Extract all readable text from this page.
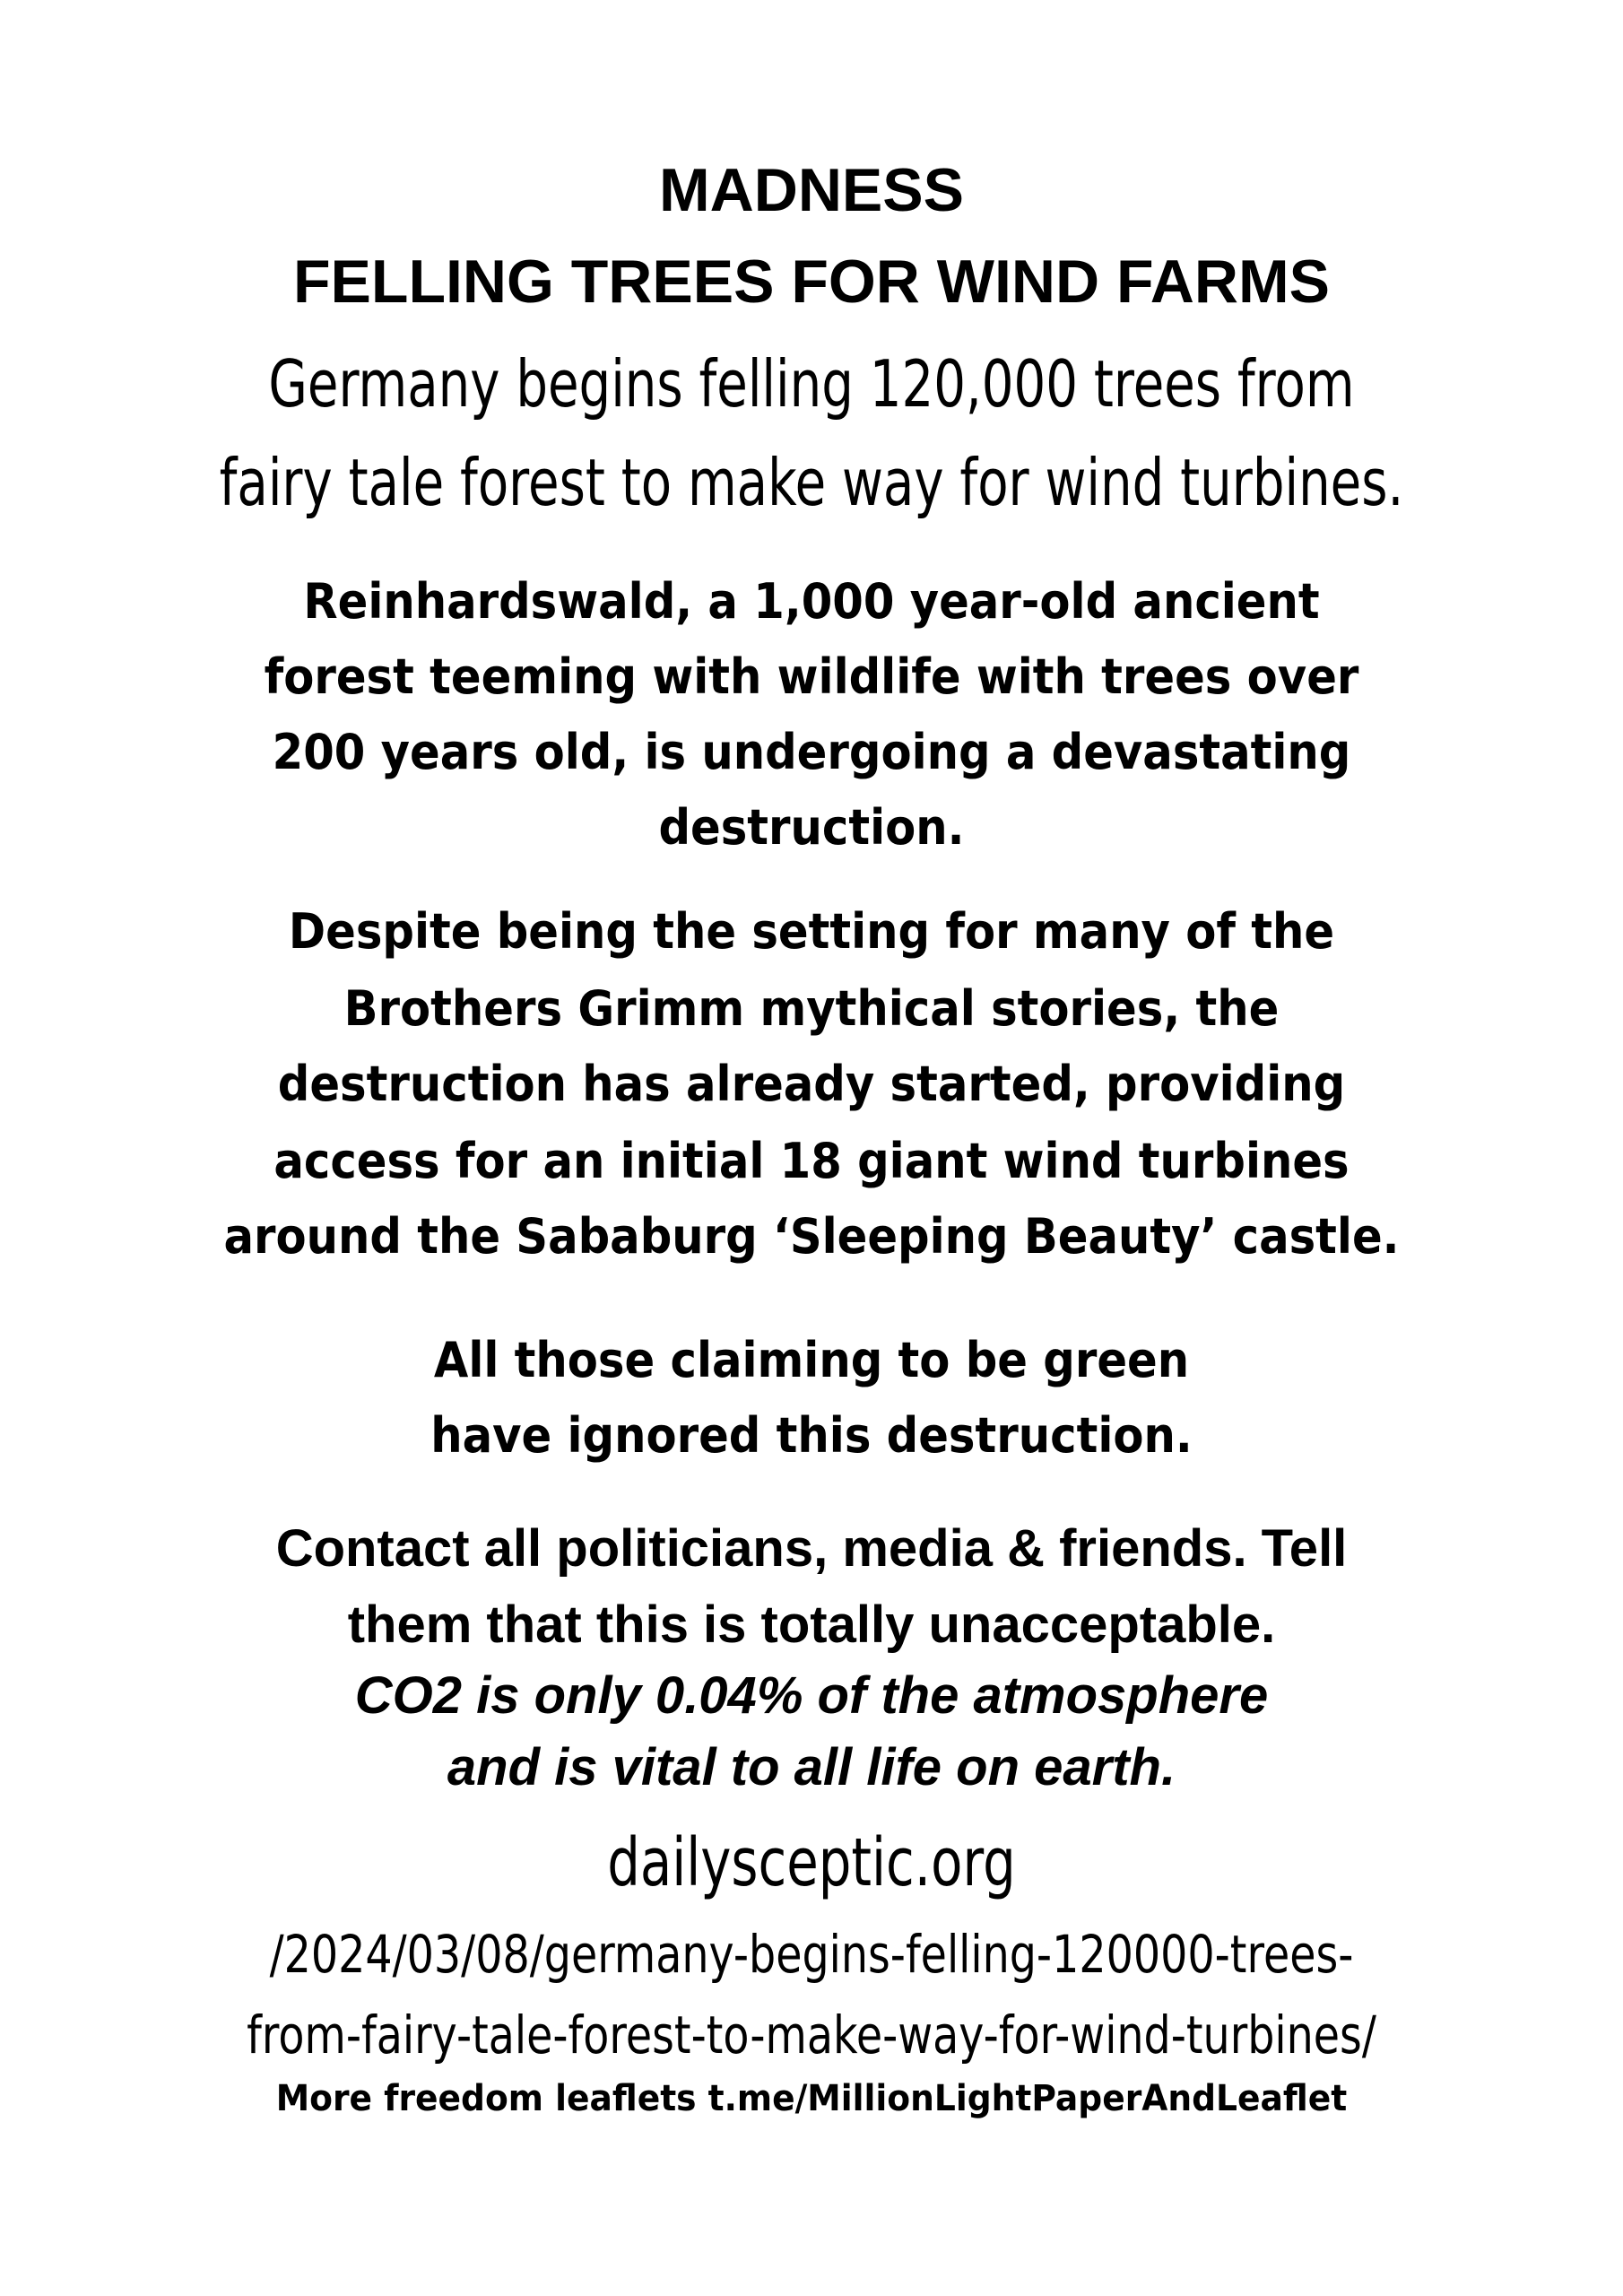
MADNESS
FELLING TREES FOR WIND FARMS
Germany begins felling 120,000 trees from
fairy tale forest to make way for wind turbines.
Reinhardswald, a 1,000 year-old ancient
forest teeming with wildlife with trees over
200 years old, is undergoing a devastating
destruction.
Despite being the setting for many of the
Brothers Grimm mythical stories, the
destruction has already started, providing
access for an initial 18 giant wind turbines
around the Sababurg ‘Sleeping Beauty’ castle.
All those claiming to be green
have ignored this destruction.
Contact all politicians, media & friends. Tell
them that this is totally unacceptable.
CO2 is only 0.04% of the atmosphere
and is vital to all life on earth.
dailysceptic.org
/2024/03/08/germany-begins-felling-120000-trees-
from-fairy-tale-forest-to-make-way-for-wind-turbines/
More freedom leaflets t.me/MillionLightPaperAndLeaflet
